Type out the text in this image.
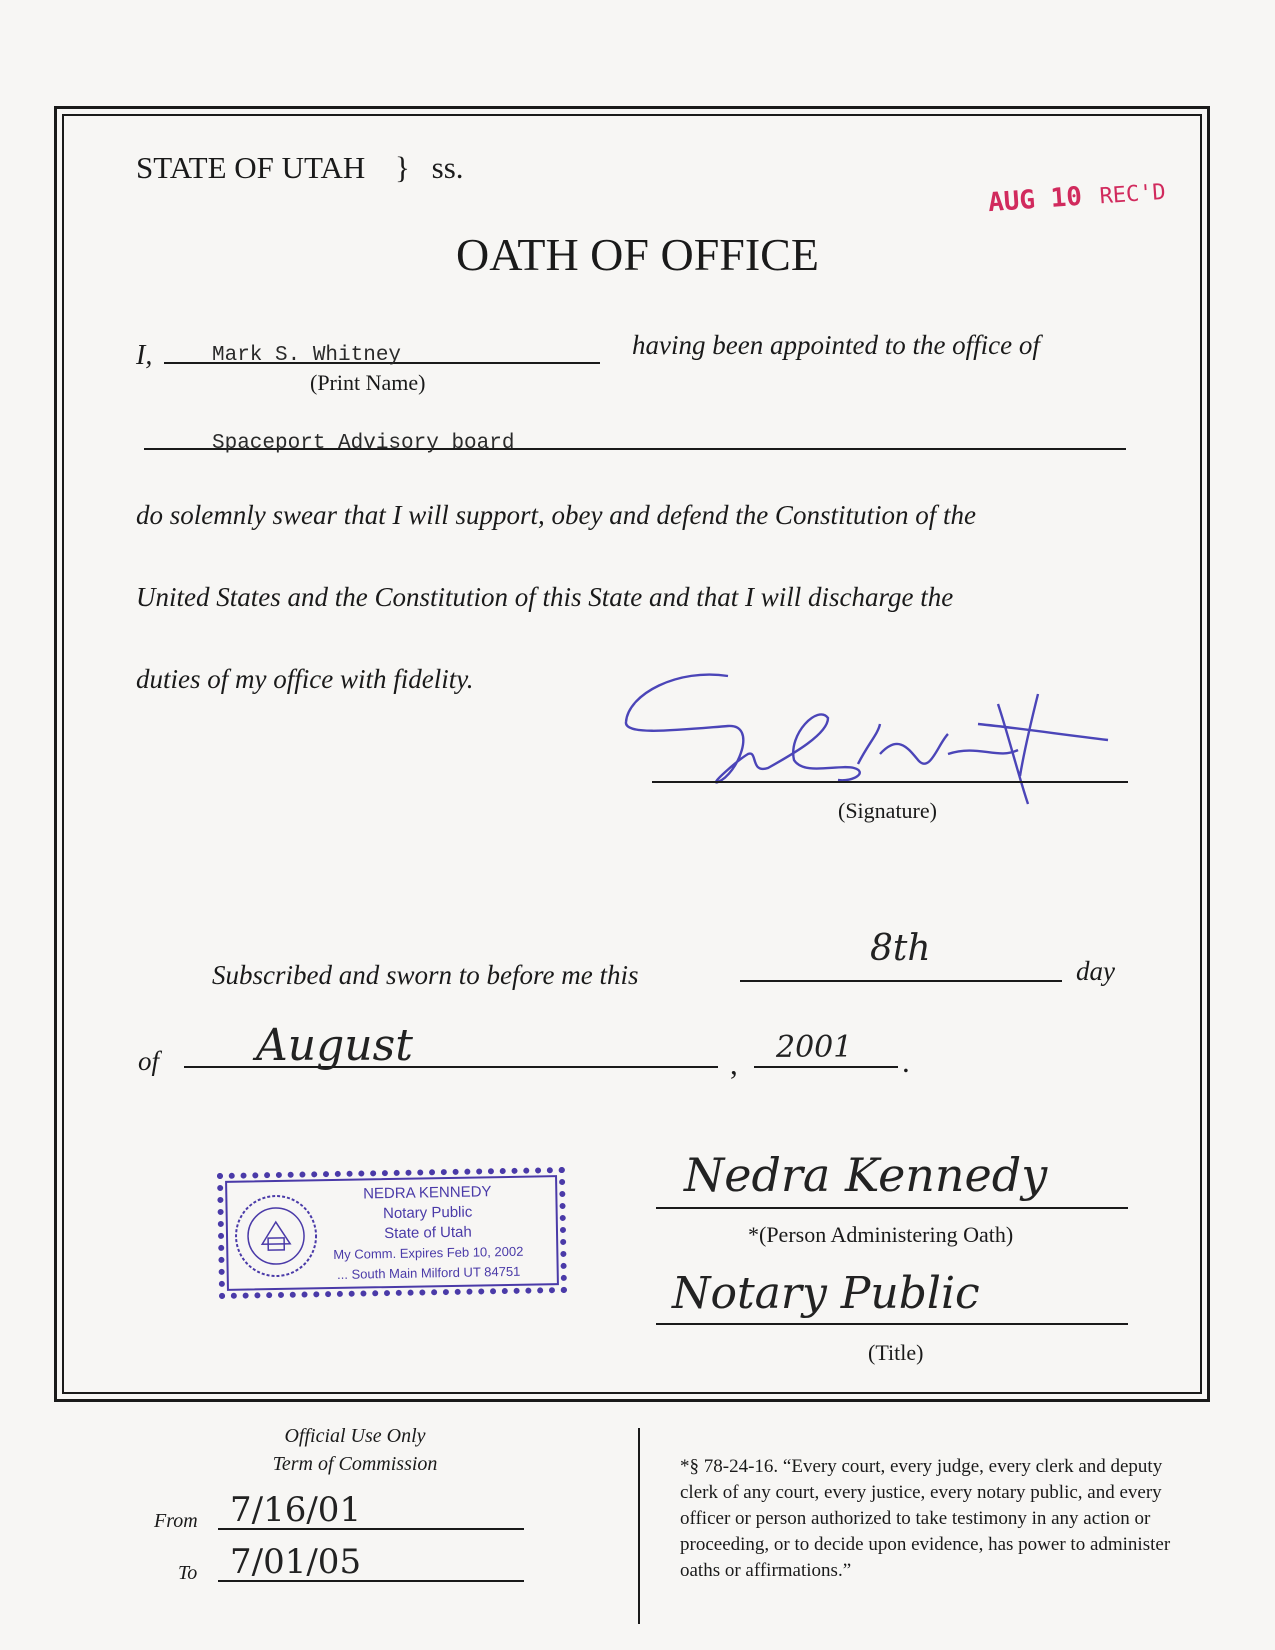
STATE OF UTAH } ss.
AUG 10 REC'D
OATH OF OFFICE
I,	Mark S. Whitney
(Print Name)
having been appointed to the office of
Spaceport Advisory board
do solemnly swear that I will support, obey and defend the Constitution of the
United States and the Constitution of this State and that I will discharge the
duties of my office with fidelity.
(Signature)
Subscribed and sworn to before me this
8th
day
of August	, 2001 .
NEDRA KENNEDY
Notary Public
State of Utah
My Comm. Expires Feb 10, 2002
... South Main Milford UT 84751
Nedra Kennedy
*(Person Administering Oath)
Notary Public
(Title)
Official Use Only
Term of Commission
From 7/16/01
To 7/01/05
*§ 78-24-16. “Every court, every judge, every clerk and deputy clerk of any court, every justice, every notary public, and every officer or person authorized to take testimony in any action or proceeding, or to decide upon evidence, has power to administer oaths or affirmations.”
